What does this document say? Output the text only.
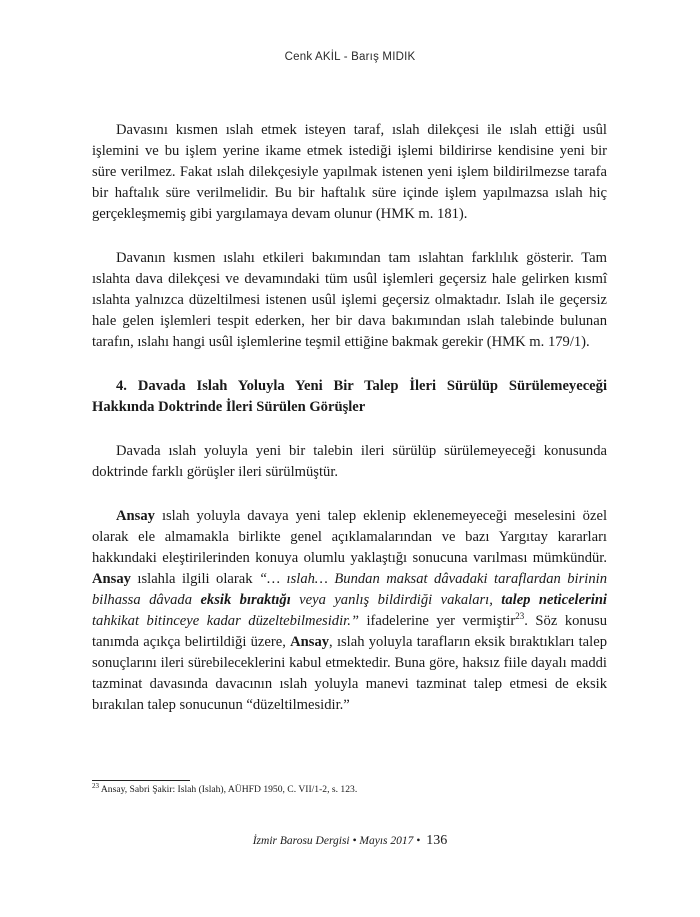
Cenk AKİL - Barış MIDIK

Davasını kısmen ıslah etmek isteyen taraf, ıslah dilekçesi ile ıslah ettiği usûl işlemini ve bu işlem yerine ikame etmek istediği işlemi bildirirse kendisine yeni bir süre verilmez. Fakat ıslah dilekçesiyle yapılmak istenen yeni işlem bildirilmezse tarafa bir haftalık süre verilmelidir. Bu bir haftalık süre içinde işlem yapılmazsa ıslah hiç gerçekleşmemiş gibi yargılamaya devam olunur (HMK m. 181).

Davanın kısmen ıslahı etkileri bakımından tam ıslahtan farklılık gösterir. Tam ıslahta dava dilekçesi ve devamındaki tüm usûl işlemleri geçersiz hale gelirken kısmî ıslahta yalnızca düzeltilmesi istenen usûl işlemi geçersiz olmaktadır. Islah ile geçersiz hale gelen işlemleri tespit ederken, her bir dava bakımından ıslah talebinde bulunan tarafın, ıslahı hangi usûl işlemlerine teşmil ettiğine bakmak gerekir (HMK m. 179/1).

4. Davada Islah Yoluyla Yeni Bir Talep İleri Sürülüp Sürülemeyeceği Hakkında Doktrinde İleri Sürülen Görüşler

Davada ıslah yoluyla yeni bir talebin ileri sürülüp sürülemeyeceği konusunda doktrinde farklı görüşler ileri sürülmüştür.

Ansay ıslah yoluyla davaya yeni talep eklenip eklenemeyeceği meselesini özel olarak ele almamakla birlikte genel açıklamalarından ve bazı Yargıtay kararları hakkındaki eleştirilerinden konuya olumlu yaklaştığı sonucuna varılması mümkündür. Ansay ıslahla ilgili olarak “… ıslah… Bundan maksat dâvadaki taraflardan birinin bilhassa dâvada eksik bıraktığı veya yanlış bildirdiği vakaları, talep neticelerini tahkikat bitinceye kadar düzeltebilmesidir.” ifadelerine yer vermiştir$^{23}$. Söz konusu tanımda açıkça belirtildiği üzere, Ansay, ıslah yoluyla tarafların eksik bıraktıkları talep sonuçlarını ileri sürebileceklerini kabul etmektedir. Buna göre, haksız fiile dayalı maddi tazminat davasında davacının ıslah yoluyla manevi tazminat talep etmesi de eksik bırakılan talep sonucunun “düzeltilmesidir.”

$^{23}$ Ansay, Sabri Şakir: Islah (Islah), AÜHFD 1950, C. VII/1-2, s. 123.
İzmir Barosu Dergisi • Mayıs 2017 • 136
